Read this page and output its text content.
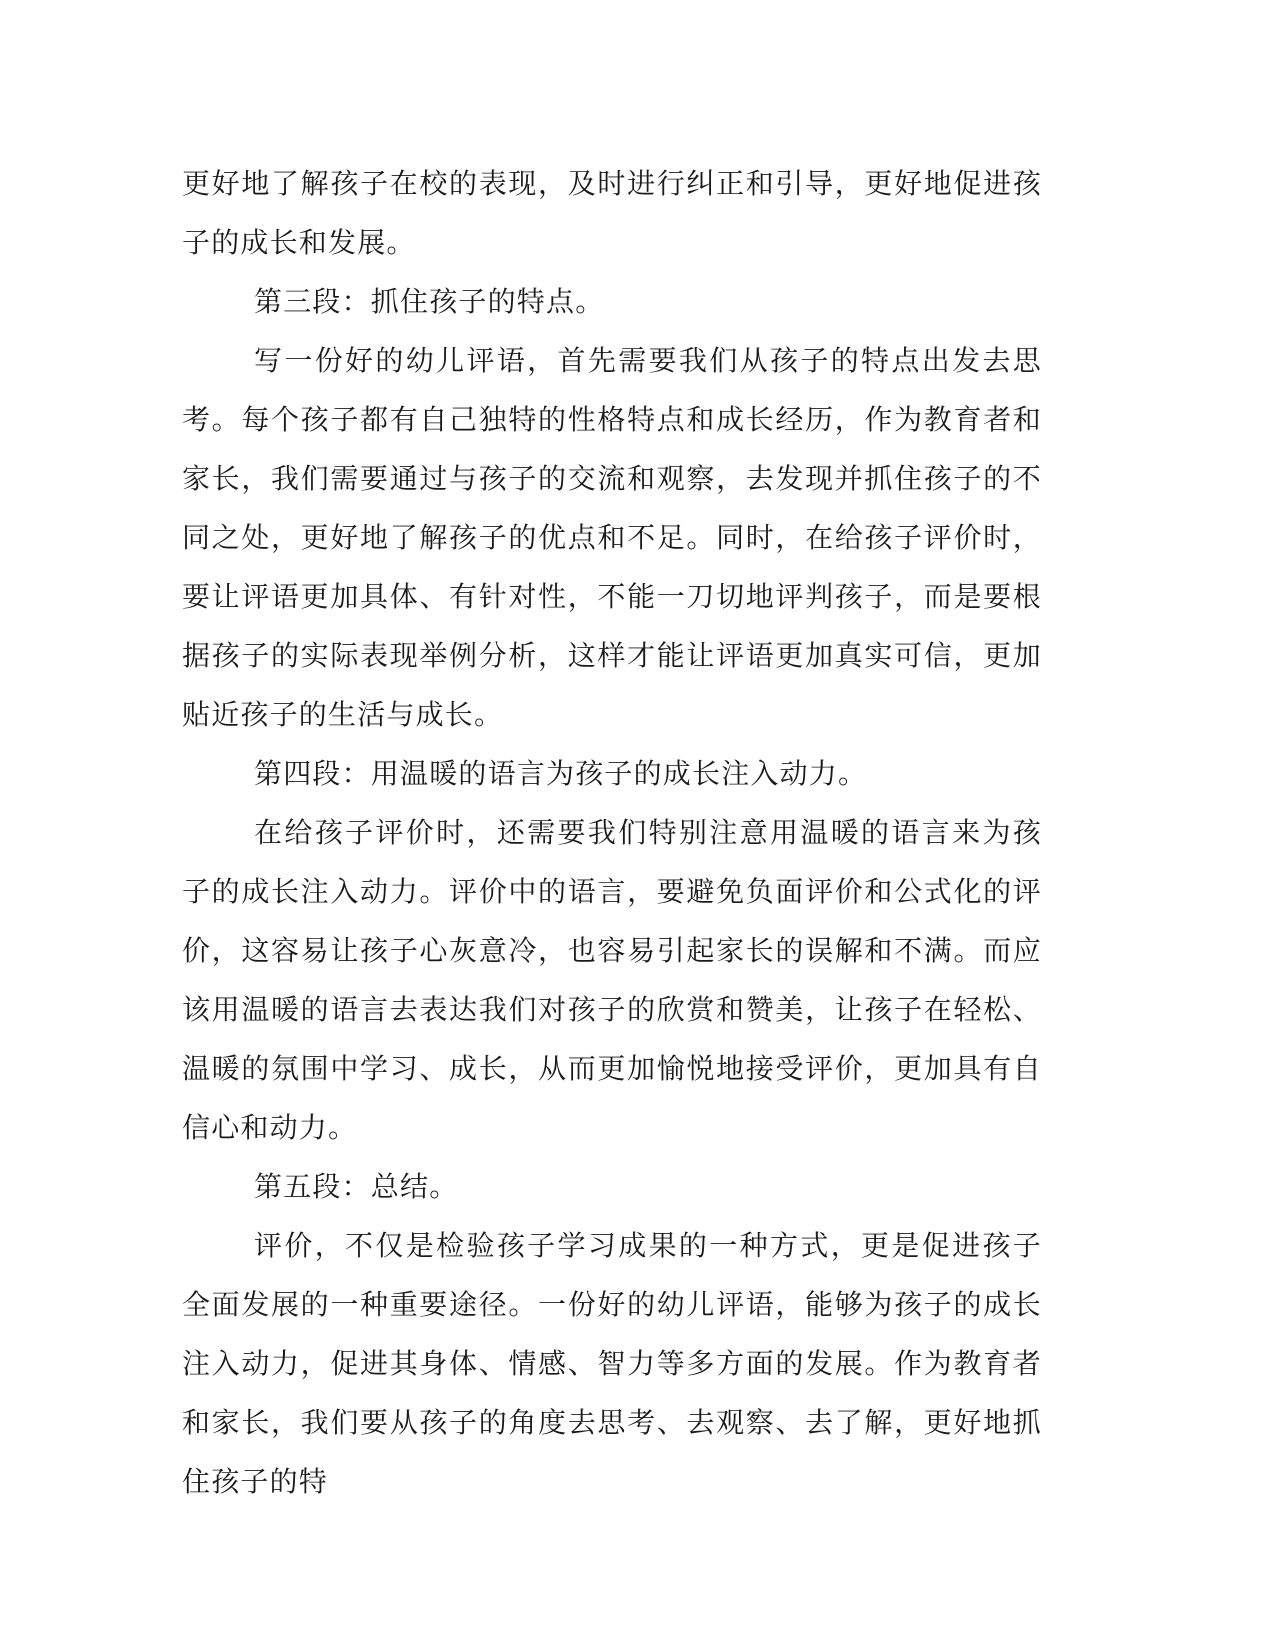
更好地了解孩子在校的表现，及时进行纠正和引导，更好地促进孩子的成长和发展。

第三段：抓住孩子的特点。

写一份好的幼儿评语，首先需要我们从孩子的特点出发去思考。每个孩子都有自己独特的性格特点和成长经历，作为教育者和家长，我们需要通过与孩子的交流和观察，去发现并抓住孩子的不同之处，更好地了解孩子的优点和不足。同时，在给孩子评价时，要让评语更加具体、有针对性，不能一刀切地评判孩子，而是要根据孩子的实际表现举例分析，这样才能让评语更加真实可信，更加贴近孩子的生活与成长。

第四段：用温暖的语言为孩子的成长注入动力。

在给孩子评价时，还需要我们特别注意用温暖的语言来为孩子的成长注入动力。评价中的语言，要避免负面评价和公式化的评价，这容易让孩子心灰意冷，也容易引起家长的误解和不满。而应该用温暖的语言去表达我们对孩子的欣赏和赞美，让孩子在轻松、温暖的氛围中学习、成长，从而更加愉悦地接受评价，更加具有自信心和动力。

第五段：总结。

评价，不仅是检验孩子学习成果的一种方式，更是促进孩子全面发展的一种重要途径。一份好的幼儿评语，能够为孩子的成长注入动力，促进其身体、情感、智力等多方面的发展。作为教育者和家长，我们要从孩子的角度去思考、去观察、去了解，更好地抓住孩子的特
